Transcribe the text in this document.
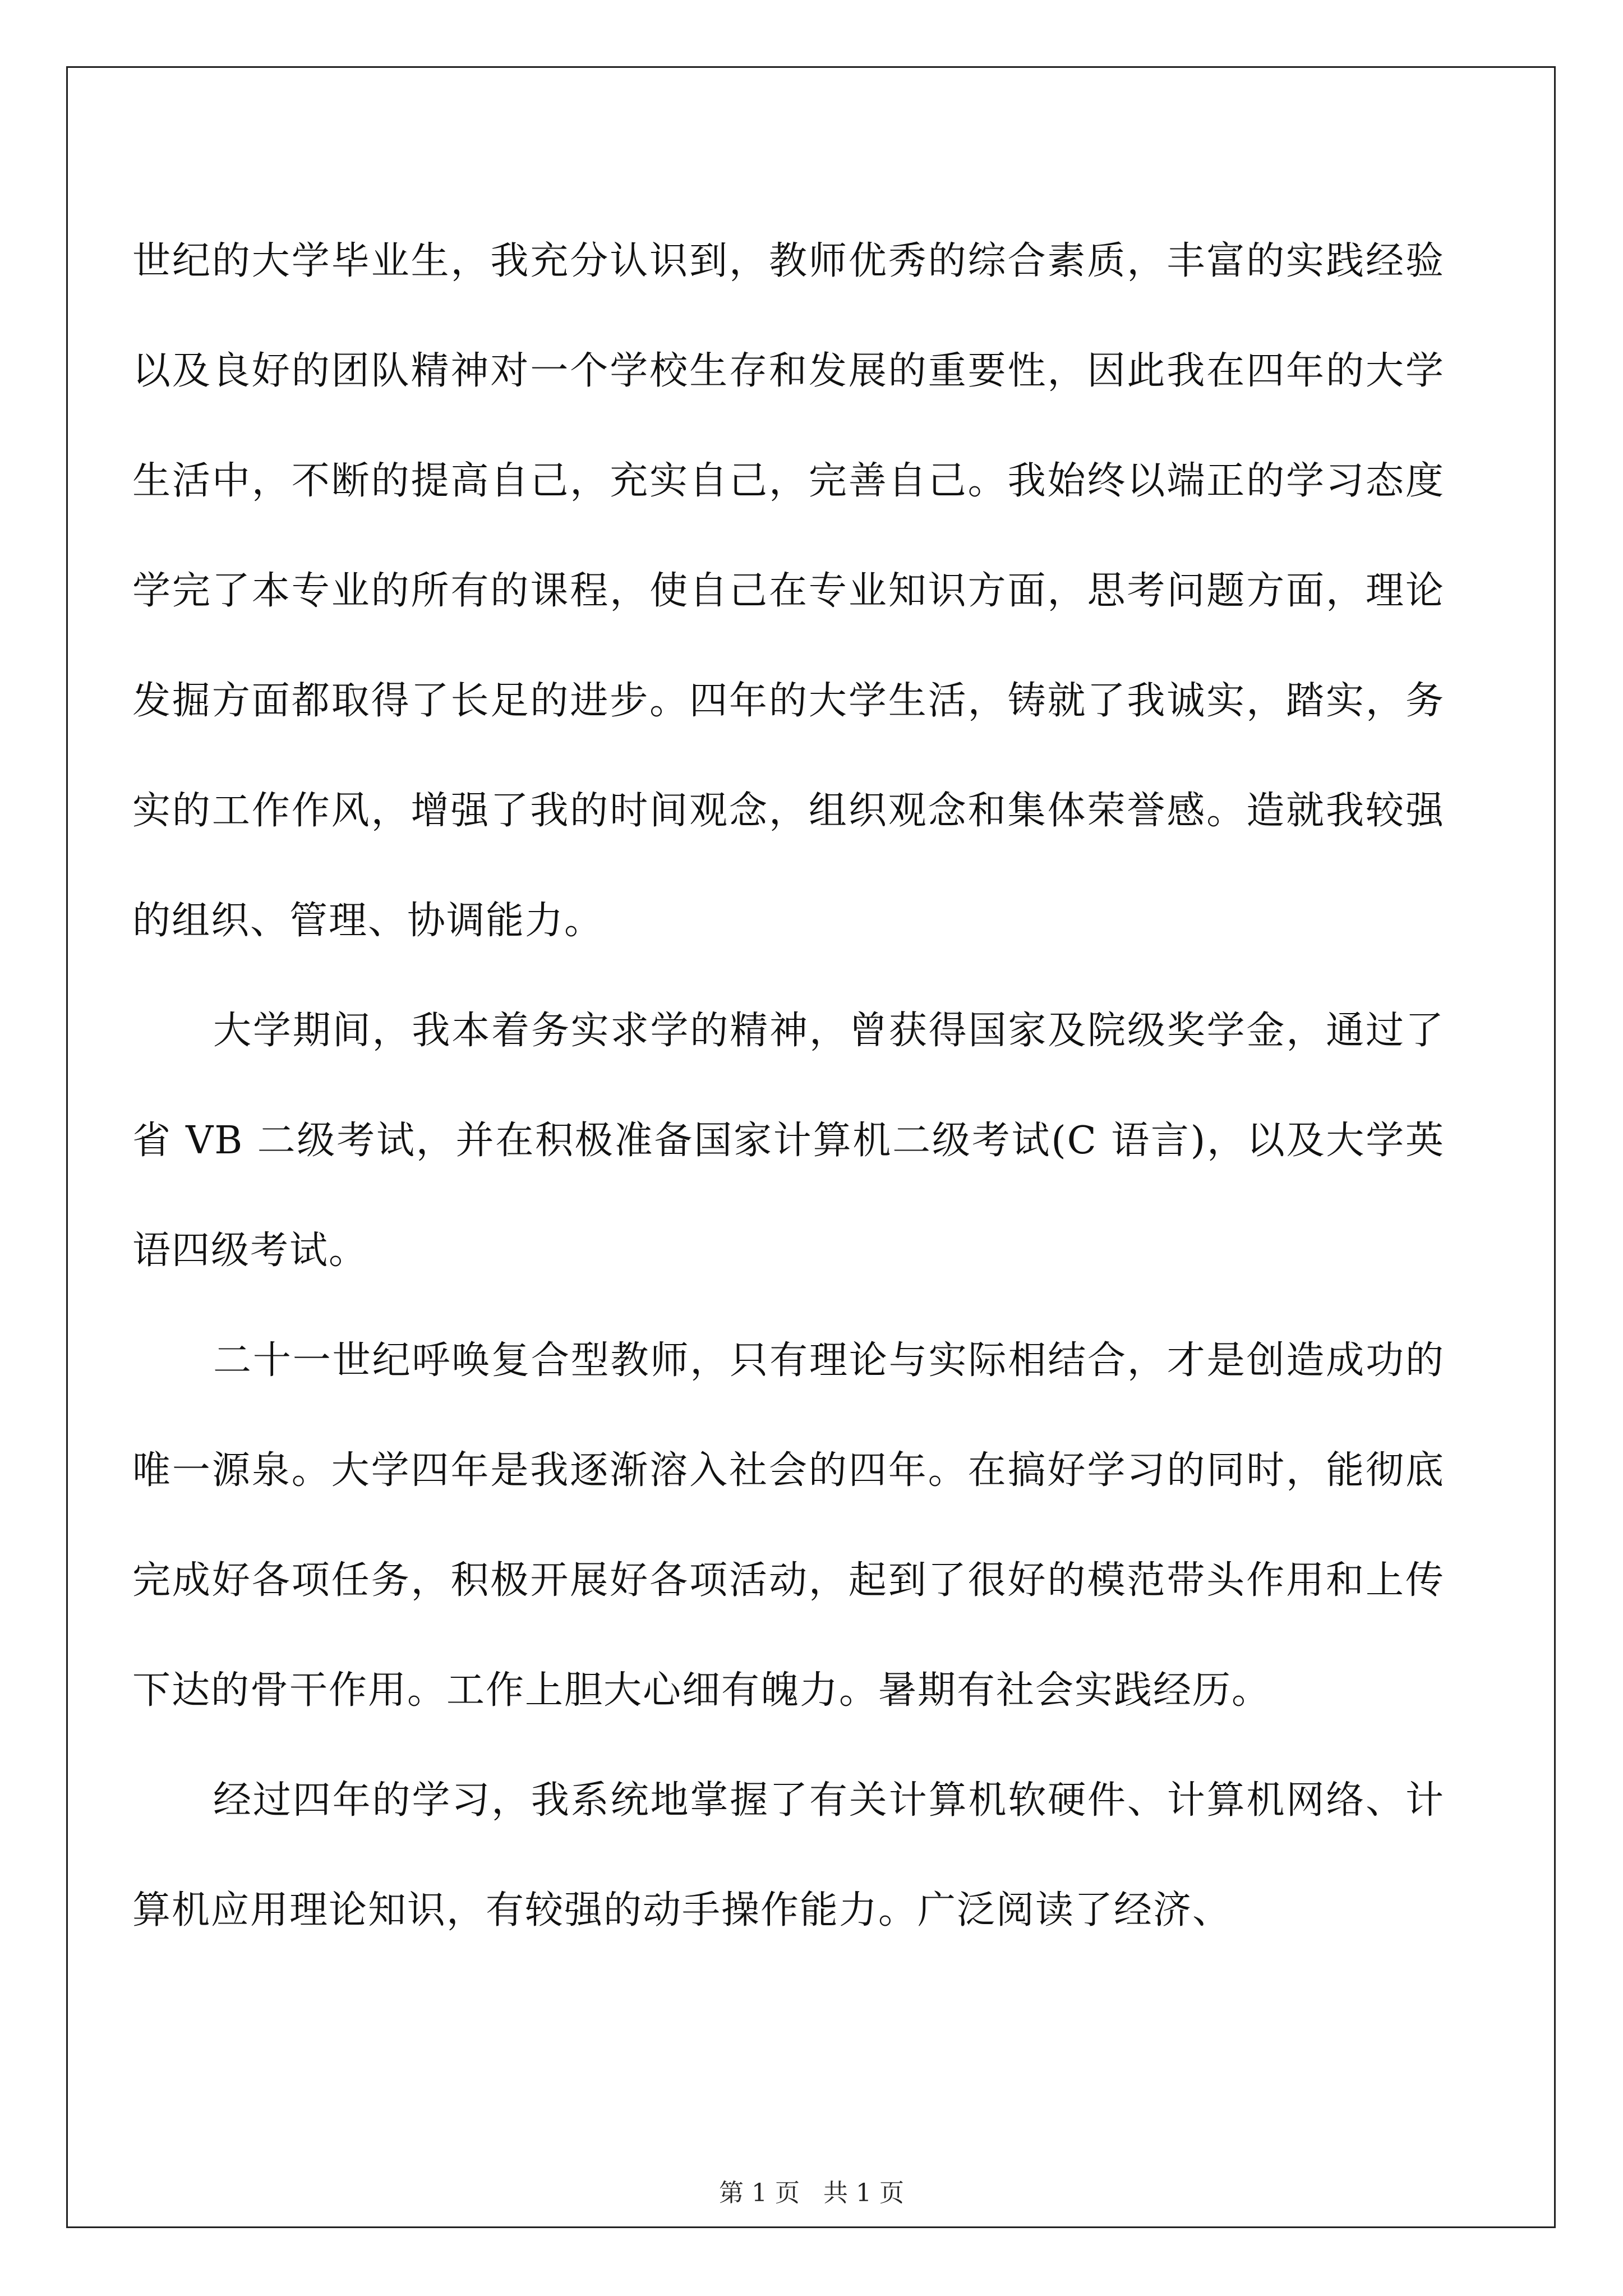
世纪的大学毕业生，我充分认识到，教师优秀的综合素质，丰富的实践经验以及良好的团队精神对一个学校生存和发展的重要性，因此我在四年的大学生活中，不断的提高自己，充实自己，完善自己。我始终以端正的学习态度学完了本专业的所有的课程，使自己在专业知识方面，思考问题方面，理论发掘方面都取得了长足的进步。四年的大学生活，铸就了我诚实，踏实，务实的工作作风，增强了我的时间观念，组织观念和集体荣誉感。造就我较强的组织、管理、协调能力。

大学期间，我本着务实求学的精神，曾获得国家及院级奖学金，通过了省 VB 二级考试，并在积极准备国家计算机二级考试(C 语言)，以及大学英语四级考试。

二十一世纪呼唤复合型教师，只有理论与实际相结合，才是创造成功的唯一源泉。大学四年是我逐渐溶入社会的四年。在搞好学习的同时，能彻底完成好各项任务，积极开展好各项活动，起到了很好的模范带头作用和上传下达的骨干作用。工作上胆大心细有魄力。暑期有社会实践经历。

经过四年的学习，我系统地掌握了有关计算机软硬件、计算机网络、计算机应用理论知识，有较强的动手操作能力。广泛阅读了经济、

第 1 页   共 1 页
